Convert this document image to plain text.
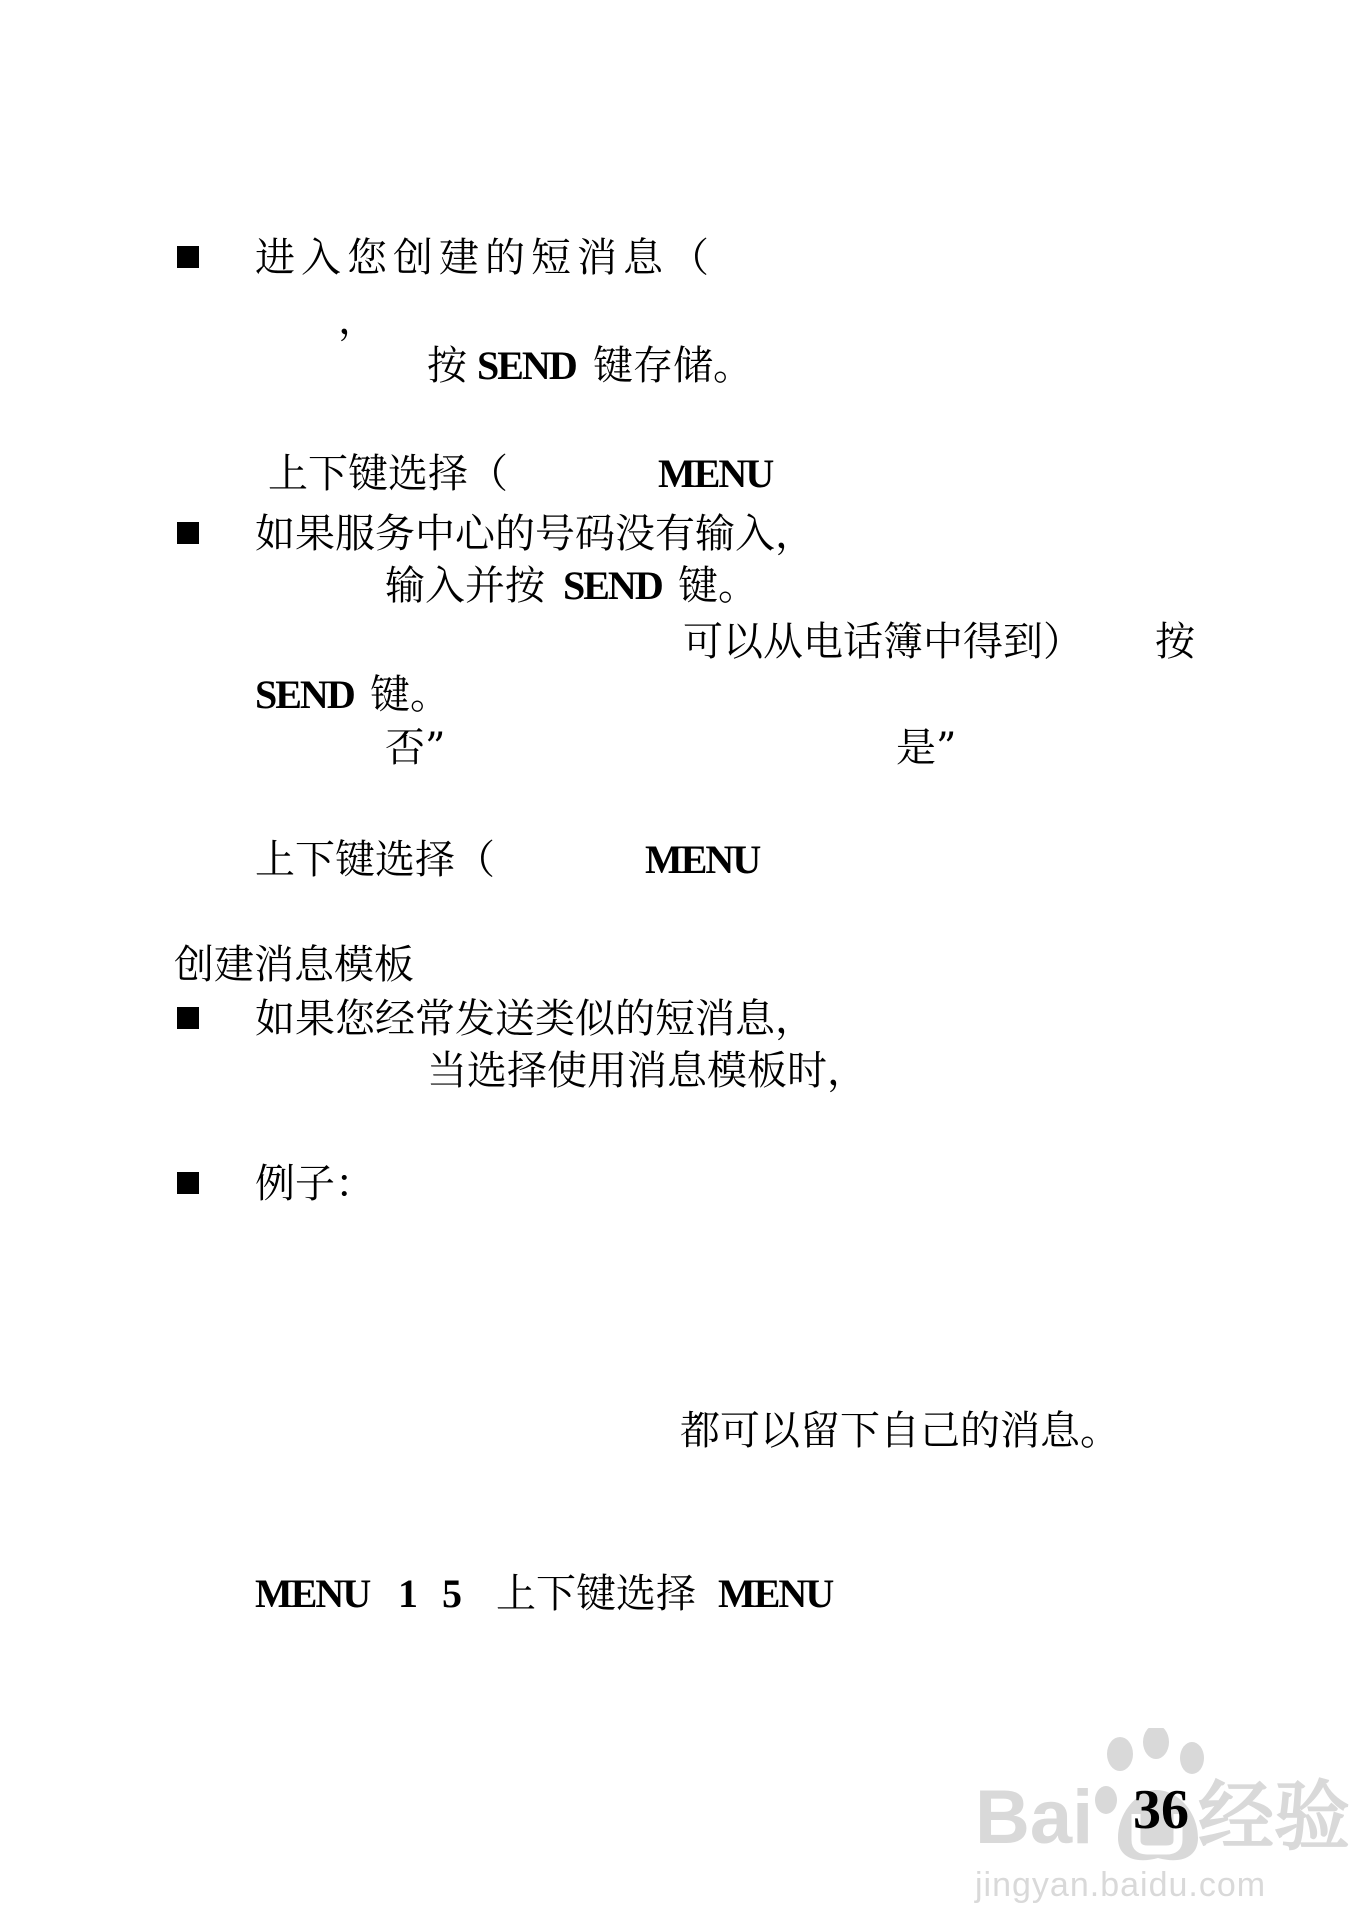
进入您创建的短消息（
，
按 SEND 键存储。
上下键选择（	MENU
如果服务中心的号码没有输入，
输入并按 SEND 键。
可以从电话簿中得到） 按
SEND 键。
否”	是”
上下键选择（	MENU
创建消息模板
如果您经常发送类似的短消息，
当选择使用消息模板时，
例子：
都可以留下自己的消息。
MENU 1 5 上下键选择 MENU
Bai 经验
jingyan.baidu.com
36
